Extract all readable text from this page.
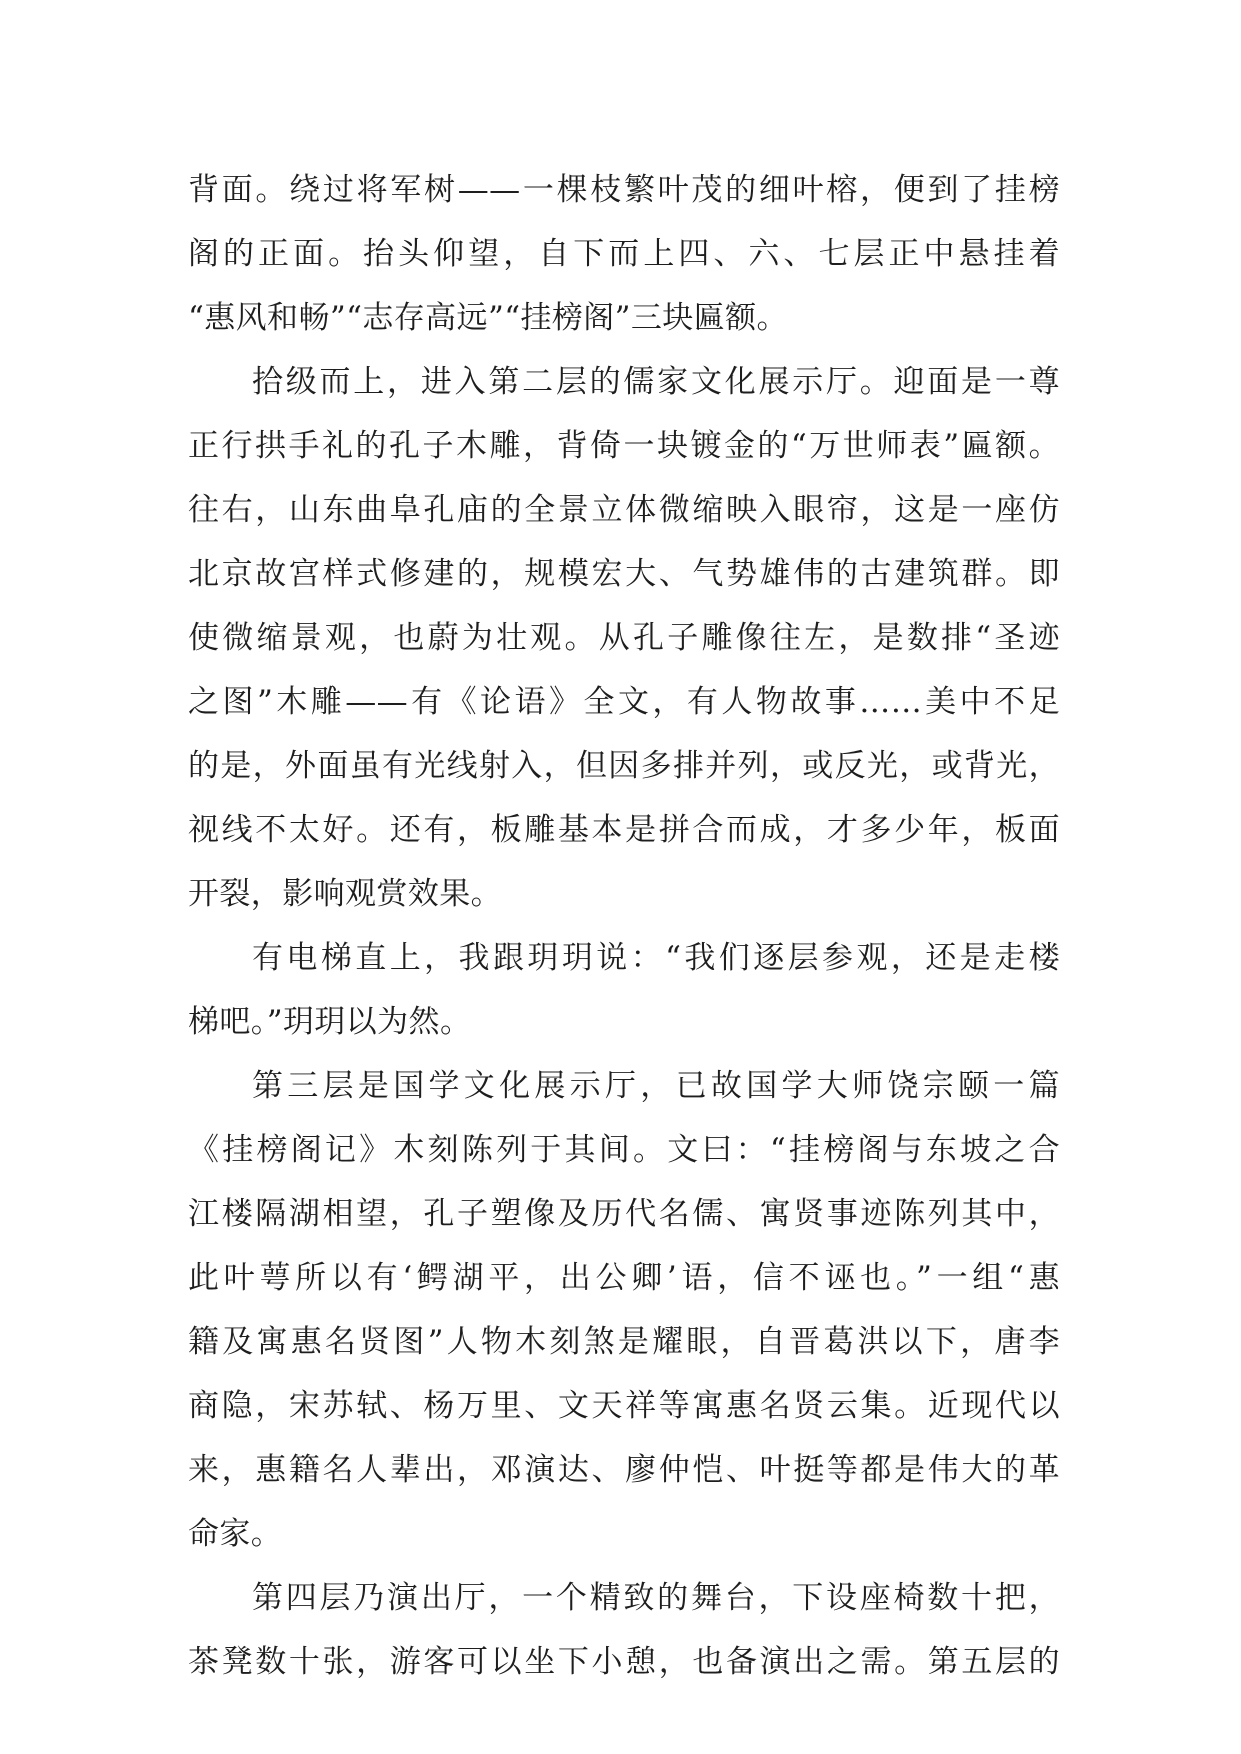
背面。绕过将军树——一棵枝繁叶茂的细叶榕，便到了挂榜
阁的正面。抬头仰望，自下而上四、六、七层正中悬挂着
“惠风和畅”“志存高远”“挂榜阁”三块匾额。
拾级而上，进入第二层的儒家文化展示厅。迎面是一尊
正行拱手礼的孔子木雕，背倚一块镀金的“万世师表”匾额。
往右，山东曲阜孔庙的全景立体微缩映入眼帘，这是一座仿
北京故宫样式修建的，规模宏大、气势雄伟的古建筑群。即
使微缩景观，也蔚为壮观。从孔子雕像往左，是数排“圣迹
之图”木雕——有《论语》全文，有人物故事……美中不足
的是，外面虽有光线射入，但因多排并列，或反光，或背光，
视线不太好。还有，板雕基本是拼合而成，才多少年，板面
开裂，影响观赏效果。
有电梯直上，我跟玥玥说：“我们逐层参观，还是走楼
梯吧。”玥玥以为然。
第三层是国学文化展示厅，已故国学大师饶宗颐一篇
《挂榜阁记》木刻陈列于其间。文曰：“挂榜阁与东坡之合
江楼隔湖相望，孔子塑像及历代名儒、寓贤事迹陈列其中，
此叶萼所以有‘鳄湖平，出公卿’语，信不诬也。”一组“惠
籍及寓惠名贤图”人物木刻煞是耀眼，自晋葛洪以下，唐李
商隐，宋苏轼、杨万里、文天祥等寓惠名贤云集。近现代以
来，惠籍名人辈出，邓演达、廖仲恺、叶挺等都是伟大的革
命家。
第四层乃演出厅，一个精致的舞台，下设座椅数十把，
茶凳数十张，游客可以坐下小憩，也备演出之需。第五层的
